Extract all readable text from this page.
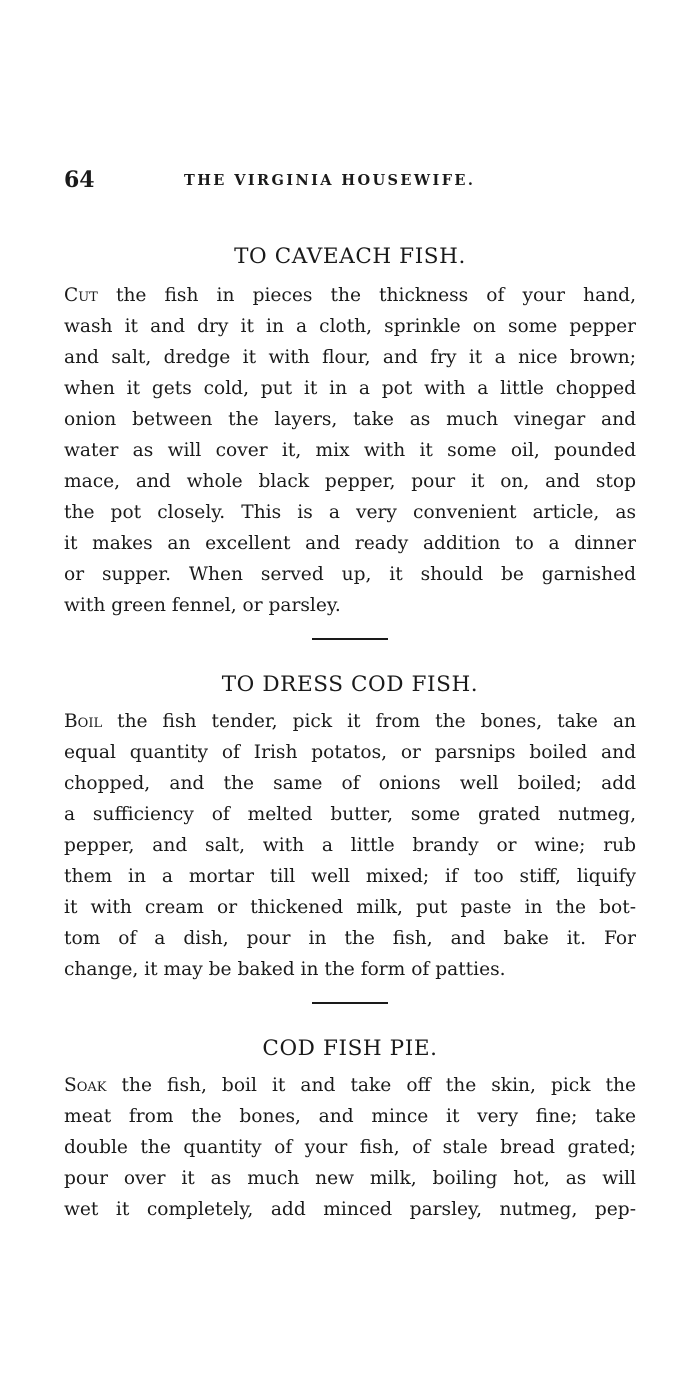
64	THE VIRGINIA HOUSEWIFE.
TO CAVEACH FISH.
Cut the fish in pieces the thickness of your hand,
wash it and dry it in a cloth, sprinkle on some pepper
and salt, dredge it with flour, and fry it a nice brown;
when it gets cold, put it in a pot with a little chopped
onion between the layers, take as much vinegar and
water as will cover it, mix with it some oil, pounded
mace, and whole black pepper, pour it on, and stop
the pot closely. This is a very convenient article, as
it makes an excellent and ready addition to a dinner
or supper. When served up, it should be garnished
with green fennel, or parsley.
TO DRESS COD FISH.
Boil the fish tender, pick it from the bones, take an
equal quantity of Irish potatos, or parsnips boiled and
chopped, and the same of onions well boiled; add
a sufficiency of melted butter, some grated nutmeg,
pepper, and salt, with a little brandy or wine; rub
them in a mortar till well mixed; if too stiff, liquify
it with cream or thickened milk, put paste in the bot-
tom of a dish, pour in the fish, and bake it. For
change, it may be baked in the form of patties.
COD FISH PIE.
Soak the fish, boil it and take off the skin, pick the
meat from the bones, and mince it very fine; take
double the quantity of your fish, of stale bread grated;
pour over it as much new milk, boiling hot, as will
wet it completely, add minced parsley, nutmeg, pep-
